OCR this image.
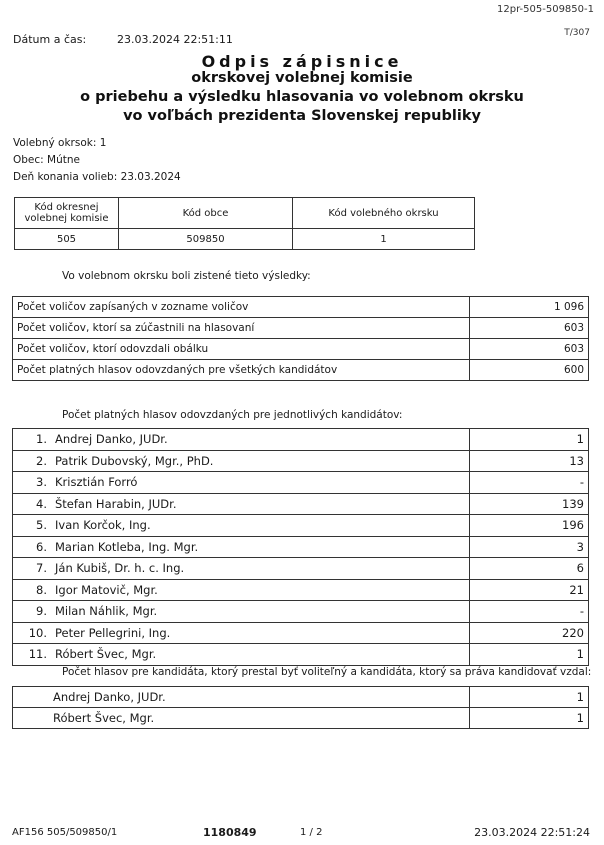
12pr-505-509850-1
T/307
Dátum a čas:	23.03.2024 22:51:11
Odpis zápisnice
okrskovej volebnej komisie
o priebehu a výsledku hlasovania vo volebnom okrsku
vo voľbách prezidenta Slovenskej republiky
Volebný okrsok: 1
Obec: Mútne
Deň konania volieb: 23.03.2024
Kód okresnej volebnej komisie	Kód obce	Kód volebného okrsku
505	509850	1
Vo volebnom okrsku boli zistené tieto výsledky:
Počet voličov zapísaných v zozname voličov	1 096
Počet voličov, ktorí sa zúčastnili na hlasovaní	603
Počet voličov, ktorí odovzdali obálku	603
Počet platných hlasov odovzdaných pre všetkých kandidátov	600
Počet platných hlasov odovzdaných pre jednotlivých kandidátov:
1. Andrej Danko, JUDr.	1
2. Patrik Dubovský, Mgr., PhD.	13
3. Krisztián Forró	-
4. Štefan Harabin, JUDr.	139
5. Ivan Korčok, Ing.	196
6. Marian Kotleba, Ing. Mgr.	3
7. Ján Kubiš, Dr. h. c. Ing.	6
8. Igor Matovič, Mgr.	21
9. Milan Náhlik, Mgr.	-
10. Peter Pellegrini, Ing.	220
11. Róbert Švec, Mgr.	1
Počet hlasov pre kandidáta, ktorý prestal byť voliteľný a kandidáta, ktorý sa práva kandidovať vzdal:
Andrej Danko, JUDr.	1
Róbert Švec, Mgr.	1
AF156 505/509850/1	1180849	1 / 2	23.03.2024 22:51:24
